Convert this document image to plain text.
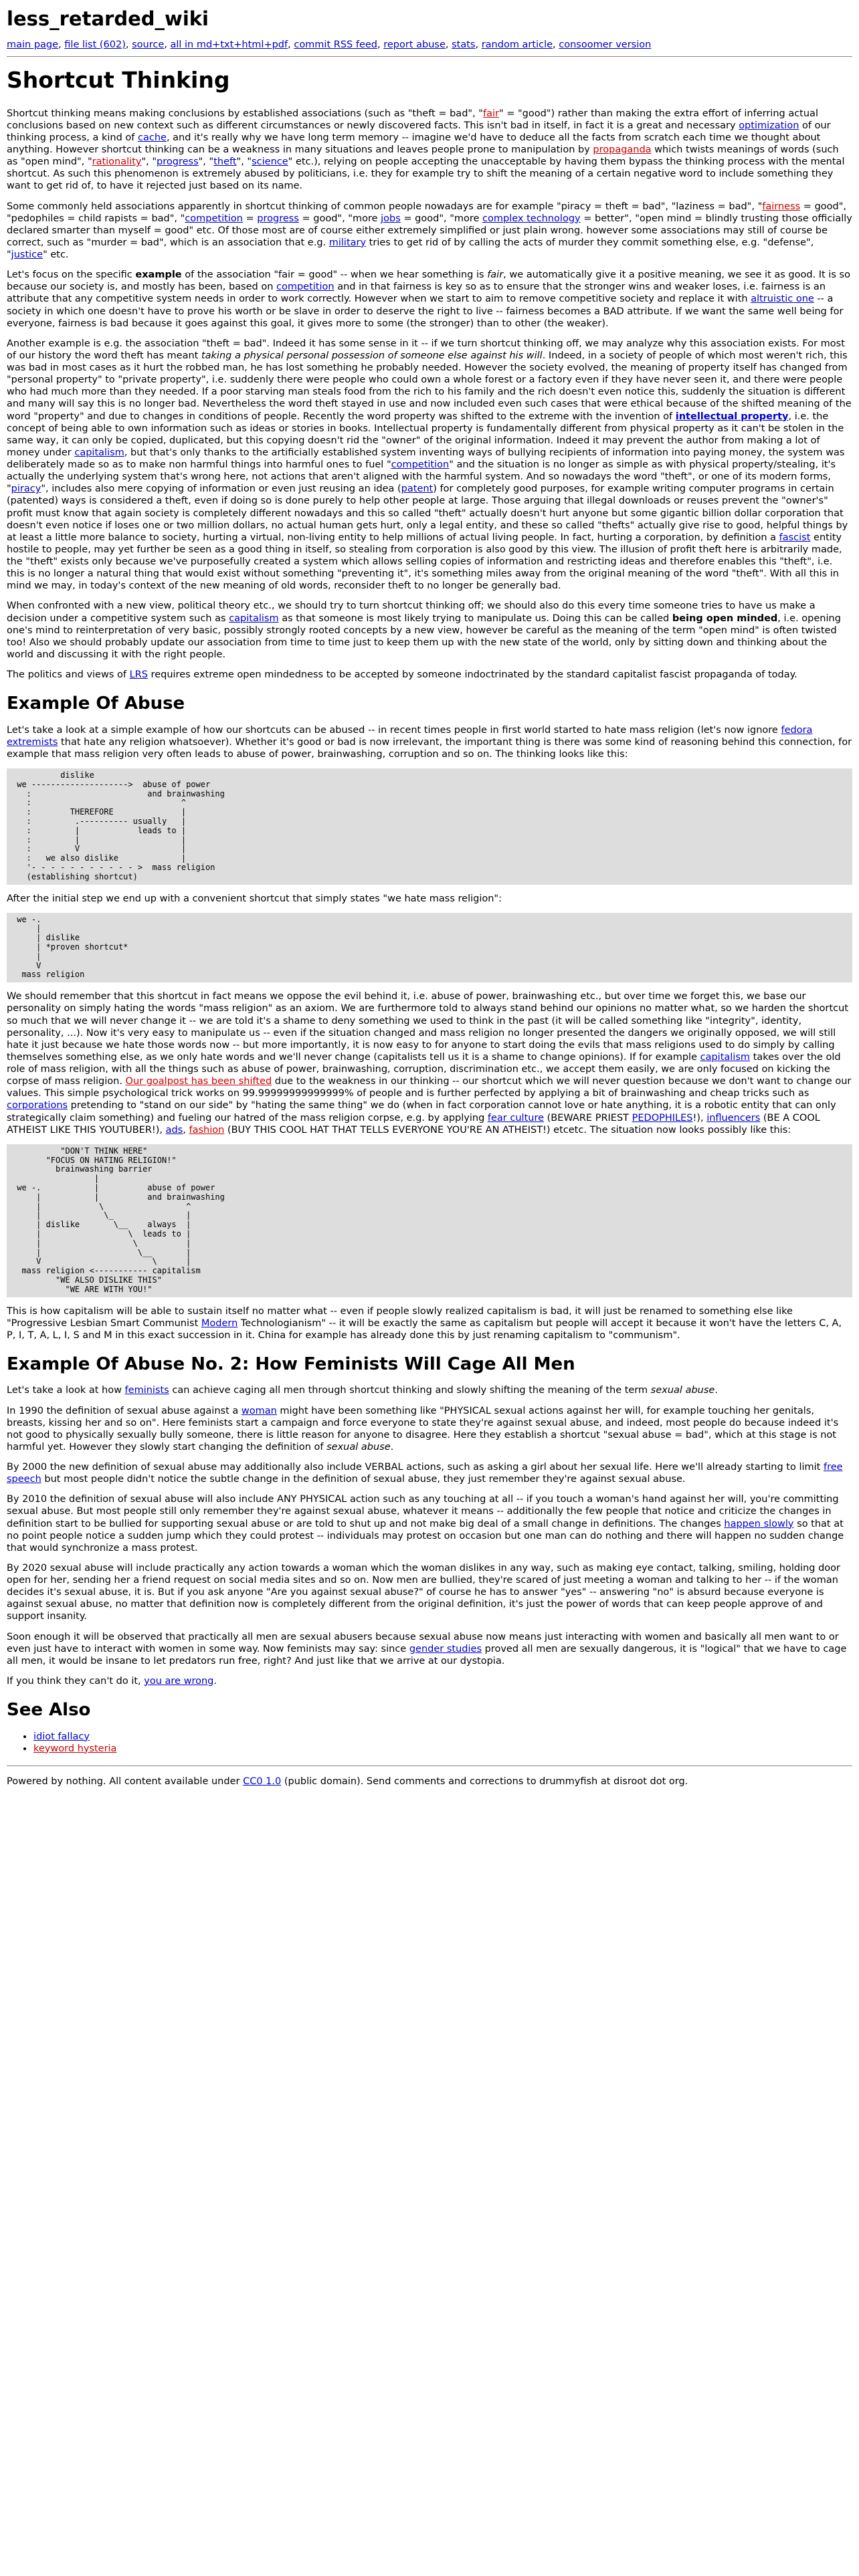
less_retarded_wiki
main page, file list (602), source, all in md+txt+html+pdf, commit RSS feed, report abuse, stats, random article, consoomer version
Shortcut Thinking

Shortcut thinking means making conclusions by established associations (such as "theft = bad", "fair" = "good") rather than making the extra effort of inferring actual conclusions based on new context such as different circumstances or newly discovered facts. This isn't bad in itself, in fact it is a great and necessary optimization of our thinking process, a kind of cache, and it's really why we have long term memory -- imagine we'd have to deduce all the facts from scratch each time we thought about anything. However shortcut thinking can be a weakness in many situations and leaves people prone to manipulation by propaganda which twists meanings of words (such as "open mind", "rationality", "progress", "theft", "science" etc.), relying on people accepting the unacceptable by having them bypass the thinking process with the mental shortcut. As such this phenomenon is extremely abused by politicians, i.e. they for example try to shift the meaning of a certain negative word to include something they want to get rid of, to have it rejected just based on its name.

Some commonly held associations apparently in shortcut thinking of common people nowadays are for example "piracy = theft = bad", "laziness = bad", "fairness = good", "pedophiles = child rapists = bad", "competition = progress = good", "more jobs = good", "more complex technology = better", "open mind = blindly trusting those officially declared smarter than myself = good" etc. Of those most are of course either extremely simplified or just plain wrong. however some associations may still of course be correct, such as "murder = bad", which is an association that e.g. military tries to get rid of by calling the acts of murder they commit something else, e.g. "defense", "justice" etc.

Let's focus on the specific example of the association "fair = good" -- when we hear something is fair, we automatically give it a positive meaning, we see it as good. It is so because our society is, and mostly has been, based on competition and in that fairness is key so as to ensure that the stronger wins and weaker loses, i.e. fairness is an attribute that any competitive system needs in order to work correctly. However when we start to aim to remove competitive society and replace it with altruistic one -- a society in which one doesn't have to prove his worth or be slave in order to deserve the right to live -- fairness becomes a BAD attribute. If we want the same well being for everyone, fairness is bad because it goes against this goal, it gives more to some (the stronger) than to other (the weaker).

Another example is e.g. the association "theft = bad". Indeed it has some sense in it -- if we turn shortcut thinking off, we may analyze why this association exists. For most of our history the word theft has meant taking a physical personal possession of someone else against his will. Indeed, in a society of people of which most weren't rich, this was bad in most cases as it hurt the robbed man, he has lost something he probably needed. However the society evolved, the meaning of property itself has changed from "personal property" to "private property", i.e. suddenly there were people who could own a whole forest or a factory even if they have never seen it, and there were people who had much more than they needed. If a poor starving man steals food from the rich to his family and the rich doesn't even notice this, suddenly the situation is different and many will say this is no longer bad. Nevertheless the word theft stayed in use and now included even such cases that were ethical because of the shifted meaning of the word "property" and due to changes in conditions of people. Recently the word property was shifted to the extreme with the invention of intellectual property, i.e. the concept of being able to own information such as ideas or stories in books. Intellectual property is fundamentally different from physical property as it can't be stolen in the same way, it can only be copied, duplicated, but this copying doesn't rid the "owner" of the original information. Indeed it may prevent the author from making a lot of money under capitalism, but that's only thanks to the artificially established system inventing ways of bullying recipients of information into paying money, the system was deliberately made so as to make non harmful things into harmful ones to fuel "competition" and the situation is no longer as simple as with physical property/stealing, it's actually the underlying system that's wrong here, not actions that aren't aligned with the harmful system. And so nowadays the word "theft", or one of its modern forms, "piracy", includes also mere copying of information or even just reusing an idea (patent) for completely good purposes, for example writing computer programs in certain (patented) ways is considered a theft, even if doing so is done purely to help other people at large. Those arguing that illegal downloads or reuses prevent the "owner's" profit must know that again society is completely different nowadays and this so called "theft" actually doesn't hurt anyone but some gigantic billion dollar corporation that doesn't even notice if loses one or two million dollars, no actual human gets hurt, only a legal entity, and these so called "thefts" actually give rise to good, helpful things by at least a little more balance to society, hurting a virtual, non-living entity to help millions of actual living people. In fact, hurting a corporation, by definition a fascist entity hostile to people, may yet further be seen as a good thing in itself, so stealing from corporation is also good by this view. The illusion of profit theft here is arbitrarily made, the "theft" exists only because we've purposefully created a system which allows selling copies of information and restricting ideas and therefore enables this "theft", i.e. this is no longer a natural thing that would exist without something "preventing it", it's something miles away from the original meaning of the word "theft". With all this in mind we may, in today's context of the new meaning of old words, reconsider theft to no longer be generally bad.

When confronted with a new view, political theory etc., we should try to turn shortcut thinking off; we should also do this every time someone tries to have us make a decision under a competitive system such as capitalism as that someone is most likely trying to manipulate us. Doing this can be called being open minded, i.e. opening one's mind to reinterpretation of very basic, possibly strongly rooted concepts by a new view, however be careful as the meaning of the term "open mind" is often twisted too! Also we should probably update our association from time to time just to keep them up with the new state of the world, only by sitting down and thinking about the world and discussing it with the right people.

The politics and views of LRS requires extreme open mindedness to be accepted by someone indoctrinated by the standard capitalist fascist propaganda of today.

Example Of Abuse

Let's take a look at a simple example of how our shortcuts can be abused -- in recent times people in first world started to hate mass religion (let's now ignore fedora extremists that hate any religion whatsoever). Whether it's good or bad is now irrelevant, the important thing is there was some kind of reasoning behind this connection, for example that mass religion very often leads to abuse of power, brainwashing, corruption and so on. The thinking looks like this:

dislike
we -------------------->  abuse of power
:                        and brainwashing
:                               ^
:        THEREFORE              |
:         .---------- usually   |
:         |            leads to |
:         |                     |
:         V                     |
:   we also dislike             |
'- - - - - - - - - - - >  mass religion
(establishing shortcut)

After the initial step we end up with a convenient shortcut that simply states "we hate mass religion":

we -.
|
| dislike
| *proven shortcut*
|
V
mass religion

We should remember that this shortcut in fact means we oppose the evil behind it, i.e. abuse of power, brainwashing etc., but over time we forget this, we base our personality on simply hating the words "mass religion" as an axiom. We are furthermore told to always stand behind our opinions no matter what, so we harden the shortcut so much that we will never change it -- we are told it's a shame to deny something we used to think in the past (it will be called something like "integrity", identity, personality, ...). Now it's very easy to manipulate us -- even if the situation changed and mass religion no longer presented the dangers we originally opposed, we will still hate it just because we hate those words now -- but more importantly, it is now easy to for anyone to start doing the evils that mass religions used to do simply by calling themselves something else, as we only hate words and we'll never change (capitalists tell us it is a shame to change opinions). If for example capitalism takes over the old role of mass religion, with all the things such as abuse of power, brainwashing, corruption, discrimination etc., we accept them easily, we are only focused on kicking the corpse of mass religion. Our goalpost has been shifted due to the weakness in our thinking -- our shortcut which we will never question because we don't want to change our values. This simple psychological trick works on 99.99999999999999% of people and is further perfected by applying a bit of brainwashing and cheap tricks such as corporations pretending to "stand on our side" by "hating the same thing" we do (when in fact corporation cannot love or hate anything, it is a robotic entity that can only strategically claim something) and fueling our hatred of the mass religion corpse, e.g. by applying fear culture (BEWARE PRIEST PEDOPHILES!), influencers (BE A COOL ATHEIST LIKE THIS YOUTUBER!), ads, fashion (BUY THIS COOL HAT THAT TELLS EVERYONE YOU'RE AN ATHEIST!) etcetc. The situation now looks possibly like this:

"DON'T THINK HERE"
"FOCUS ON HATING RELIGION!"
brainwashing barrier
|
we -.           |          abuse of power
|           |          and brainwashing
|            \                 ^
|             \_               |
| dislike       \__    always  |
|                  \  leads to |
|                   \          |
|                    \__       |
V                       \      |
mass religion <----------- capitalism
"WE ALSO DISLIKE THIS"
"WE ARE WITH YOU!"

This is how capitalism will be able to sustain itself no matter what -- even if people slowly realized capitalism is bad, it will just be renamed to something else like "Progressive Lesbian Smart Communist Modern Technologianism" -- it will be exactly the same as capitalism but people will accept it because it won't have the letters C, A, P, I, T, A, L, I, S and M in this exact succession in it. China for example has already done this by just renaming capitalism to "communism".

Example Of Abuse No. 2: How Feminists Will Cage All Men

Let's take a look at how feminists can achieve caging all men through shortcut thinking and slowly shifting the meaning of the term sexual abuse.

In 1990 the definition of sexual abuse against a woman might have been something like "PHYSICAL sexual actions against her will, for example touching her genitals, breasts, kissing her and so on". Here feminists start a campaign and force everyone to state they're against sexual abuse, and indeed, most people do because indeed it's not good to physically sexually bully someone, there is little reason for anyone to disagree. Here they establish a shortcut "sexual abuse = bad", which at this stage is not harmful yet. However they slowly start changing the definition of sexual abuse.

By 2000 the new definition of sexual abuse may additionally also include VERBAL actions, such as asking a girl about her sexual life. Here we'll already starting to limit free speech but most people didn't notice the subtle change in the definition of sexual abuse, they just remember they're against sexual abuse.

By 2010 the definition of sexual abuse will also include ANY PHYSICAL action such as any touching at all -- if you touch a woman's hand against her will, you're committing sexual abuse. But most people still only remember they're against sexual abuse, whatever it means -- additionally the few people that notice and criticize the changes in definition start to be bullied for supporting sexual abuse or are told to shut up and not make big deal of a small change in definitions. The changes happen slowly so that at no point people notice a sudden jump which they could protest -- individuals may protest on occasion but one man can do nothing and there will happen no sudden change that would synchronize a mass protest.

By 2020 sexual abuse will include practically any action towards a woman which the woman dislikes in any way, such as making eye contact, talking, smiling, holding door open for her, sending her a friend request on social media sites and so on. Now men are bullied, they're scared of just meeting a woman and talking to her -- if the woman decides it's sexual abuse, it is. But if you ask anyone "Are you against sexual abuse?" of course he has to answer "yes" -- answering "no" is absurd because everyone is against sexual abuse, no matter that definition now is completely different from the original definition, it's just the power of words that can keep people approve of and support insanity.

Soon enough it will be observed that practically all men are sexual abusers because sexual abuse now means just interacting with women and basically all men want to or even just have to interact with women in some way. Now feminists may say: since gender studies proved all men are sexually dangerous, it is "logical" that we have to cage all men, it would be insane to let predators run free, right? And just like that we arrive at our dystopia.

If you think they can't do it, you are wrong.

See Also
• idiot fallacy
• keyword hysteria

Powered by nothing. All content available under CC0 1.0 (public domain). Send comments and corrections to drummyfish at disroot dot org.
